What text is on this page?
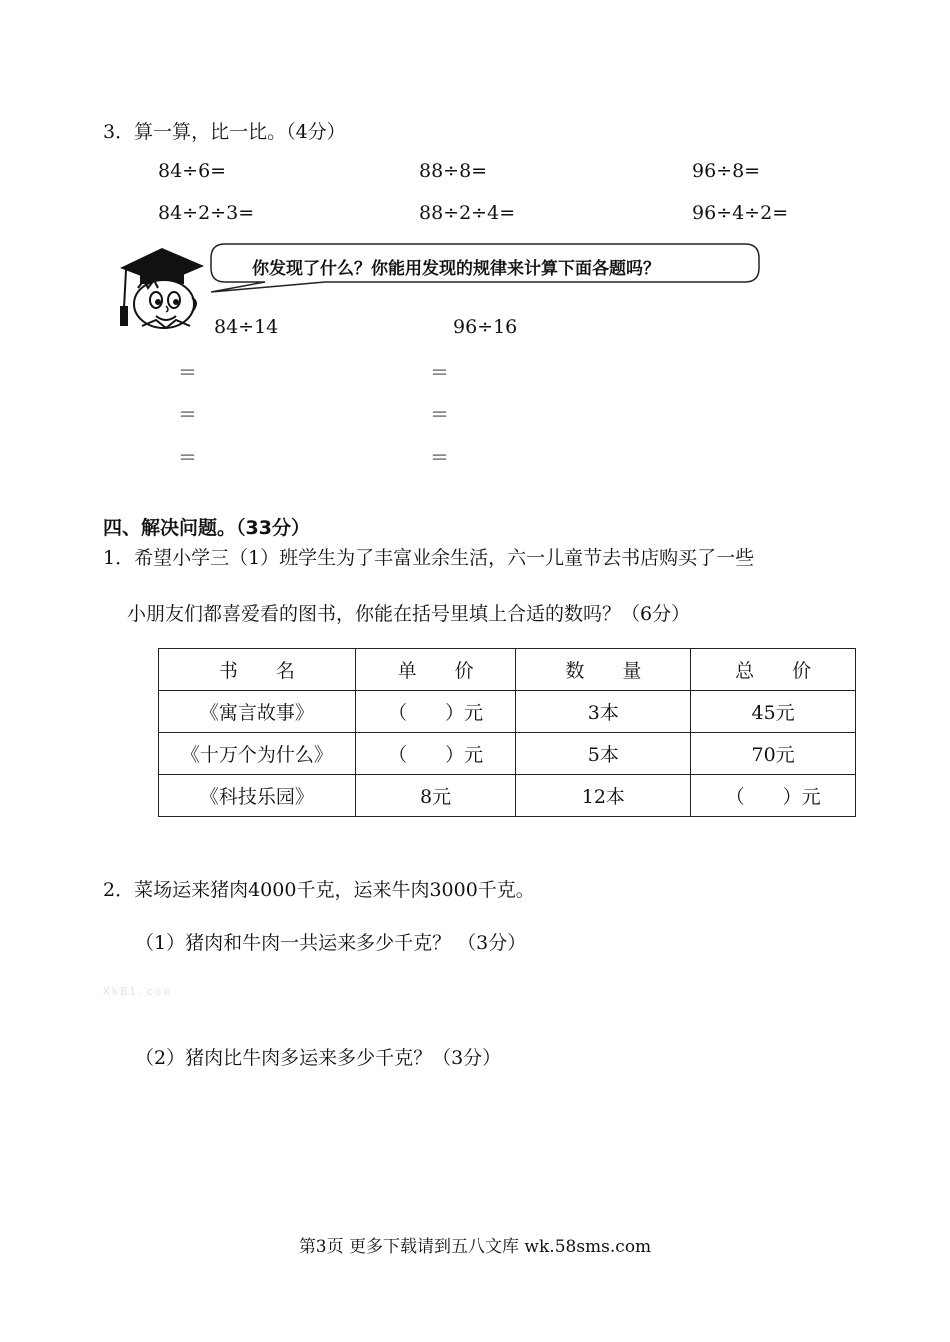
3．算一算，比一比。（4分）
84÷6=	88÷8=	96÷8=
84÷2÷3=	88÷2÷4=	96÷4÷2=
你发现了什么？你能用发现的规律来计算下面各题吗？
84÷14	96÷16
＝
＝
＝
＝
＝
＝
四、解决问题。（33分）
1．希望小学三（1）班学生为了丰富业余生活，六一儿童节去书店购买了一些
小朋友们都喜爱看的图书，你能在括号里填上合适的数吗？（6分）
书　　名	单　　价	数　　量	总　　价
《寓言故事》	（　　）元	3本	45元
《十万个为什么》	（　　）元	5本	70元
《科技乐园》	8元	12本	（　　）元
2．菜场运来猪肉4000千克，运来牛肉3000千克。
（1）猪肉和牛肉一共运来多少千克？ （3分）
XkB1.com
（2）猪肉比牛肉多运来多少千克？（3分）
第3页 更多下载请到五八文库 wk.58sms.com
